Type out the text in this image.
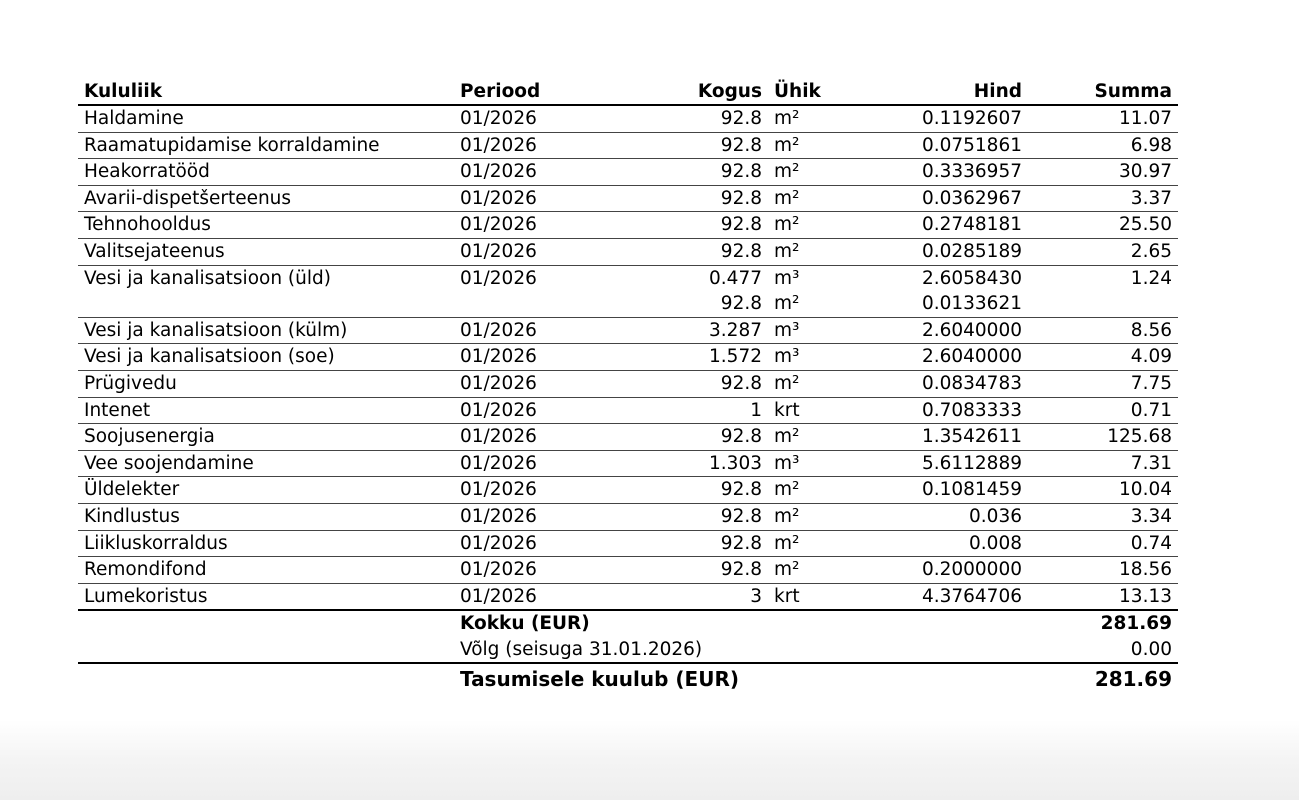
Kululiik	Periood	Kogus	Ühik	Hind	Summa
Haldamine	01/2026	92.8	m²	0.1192607	11.07
Raamatupidamise korraldamine	01/2026	92.8	m²	0.0751861	6.98
Heakorratööd	01/2026	92.8	m²	0.3336957	30.97
Avarii-dispetšerteenus	01/2026	92.8	m²	0.0362967	3.37
Tehnohooldus	01/2026	92.8	m²	0.2748181	25.50
Valitsejateenus	01/2026	92.8	m²	0.0285189	2.65
Vesi ja kanalisatsioon (üld)	01/2026	0.477	m³	2.6058430	1.24
		92.8	m²	0.0133621	
Vesi ja kanalisatsioon (külm)	01/2026	3.287	m³	2.6040000	8.56
Vesi ja kanalisatsioon (soe)	01/2026	1.572	m³	2.6040000	4.09
Prügivedu	01/2026	92.8	m²	0.0834783	7.75
Intenet	01/2026	1	krt	0.7083333	0.71
Soojusenergia	01/2026	92.8	m²	1.3542611	125.68
Vee soojendamine	01/2026	1.303	m³	5.6112889	7.31
Üldelekter	01/2026	92.8	m²	0.1081459	10.04
Kindlustus	01/2026	92.8	m²	0.036	3.34
Liikluskorraldus	01/2026	92.8	m²	0.008	0.74
Remondifond	01/2026	92.8	m²	0.2000000	18.56
Lumekoristus	01/2026	3	krt	4.3764706	13.13
	Kokku (EUR)				281.69
	Võlg (seisuga 31.01.2026)				0.00
	Tasumisele kuulub (EUR)				281.69
